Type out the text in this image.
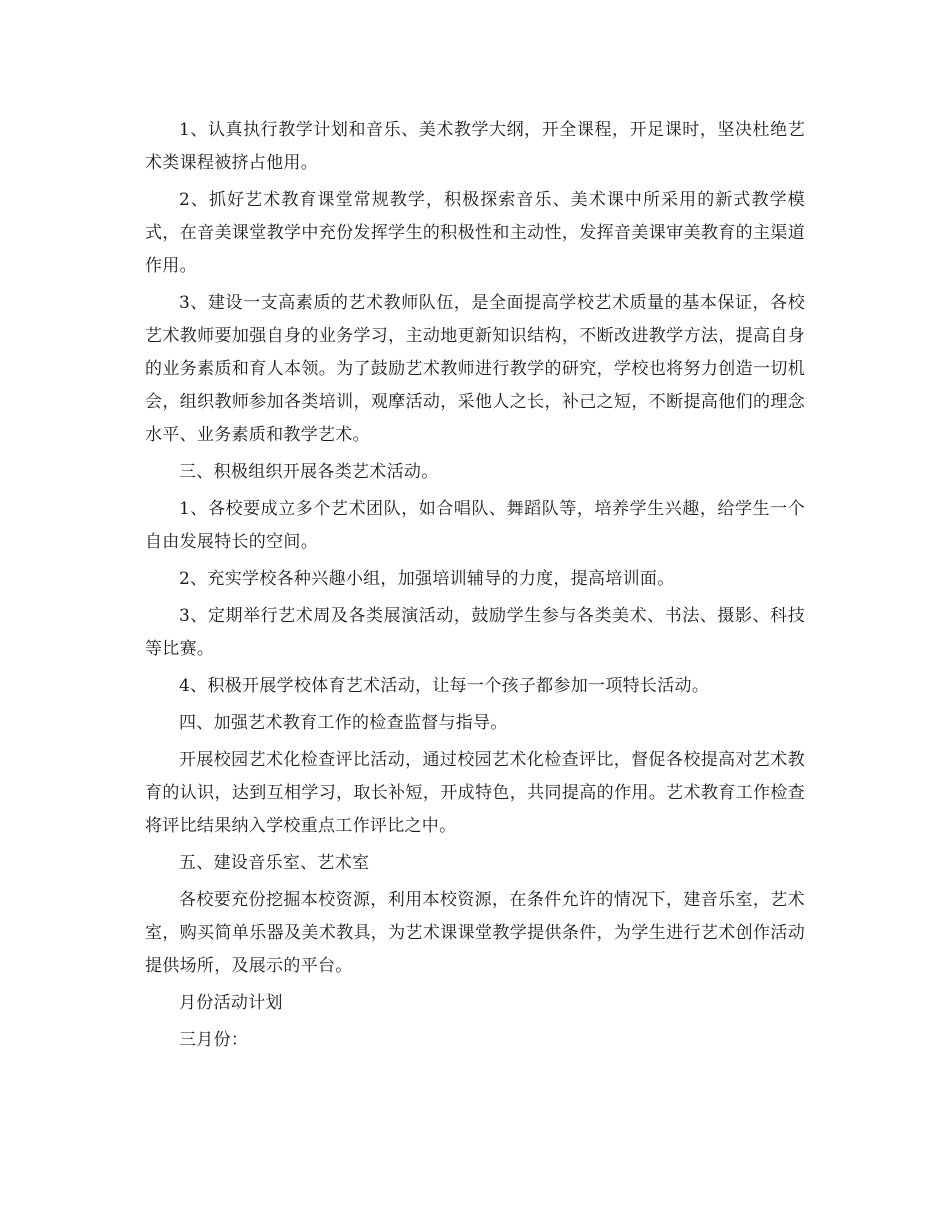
1、认真执行教学计划和音乐、美术教学大纲，开全课程，开足课时，坚决杜绝艺术类课程被挤占他用。

2、抓好艺术教育课堂常规教学，积极探索音乐、美术课中所采用的新式教学模式，在音美课堂教学中充份发挥学生的积极性和主动性，发挥音美课审美教育的主渠道作用。

3、建设一支高素质的艺术教师队伍，是全面提高学校艺术质量的基本保证，各校艺术教师要加强自身的业务学习，主动地更新知识结构，不断改进教学方法，提高自身的业务素质和育人本领。为了鼓励艺术教师进行教学的研究，学校也将努力创造一切机会，组织教师参加各类培训，观摩活动，采他人之长，补己之短，不断提高他们的理念水平、业务素质和教学艺术。

三、积极组织开展各类艺术活动。

1、各校要成立多个艺术团队，如合唱队、舞蹈队等，培养学生兴趣，给学生一个自由发展特长的空间。

2、充实学校各种兴趣小组，加强培训辅导的力度，提高培训面。

3、定期举行艺术周及各类展演活动，鼓励学生参与各类美术、书法、摄影、科技等比赛。

4、积极开展学校体育艺术活动，让每一个孩子都参加一项特长活动。

四、加强艺术教育工作的检查监督与指导。

开展校园艺术化检查评比活动，通过校园艺术化检查评比，督促各校提高对艺术教育的认识，达到互相学习，取长补短，开成特色，共同提高的作用。艺术教育工作检查将评比结果纳入学校重点工作评比之中。

五、建设音乐室、艺术室

各校要充份挖掘本校资源，利用本校资源，在条件允许的情况下，建音乐室，艺术室，购买简单乐器及美术教具，为艺术课课堂教学提供条件，为学生进行艺术创作活动提供场所，及展示的平台。

月份活动计划

三月份：
